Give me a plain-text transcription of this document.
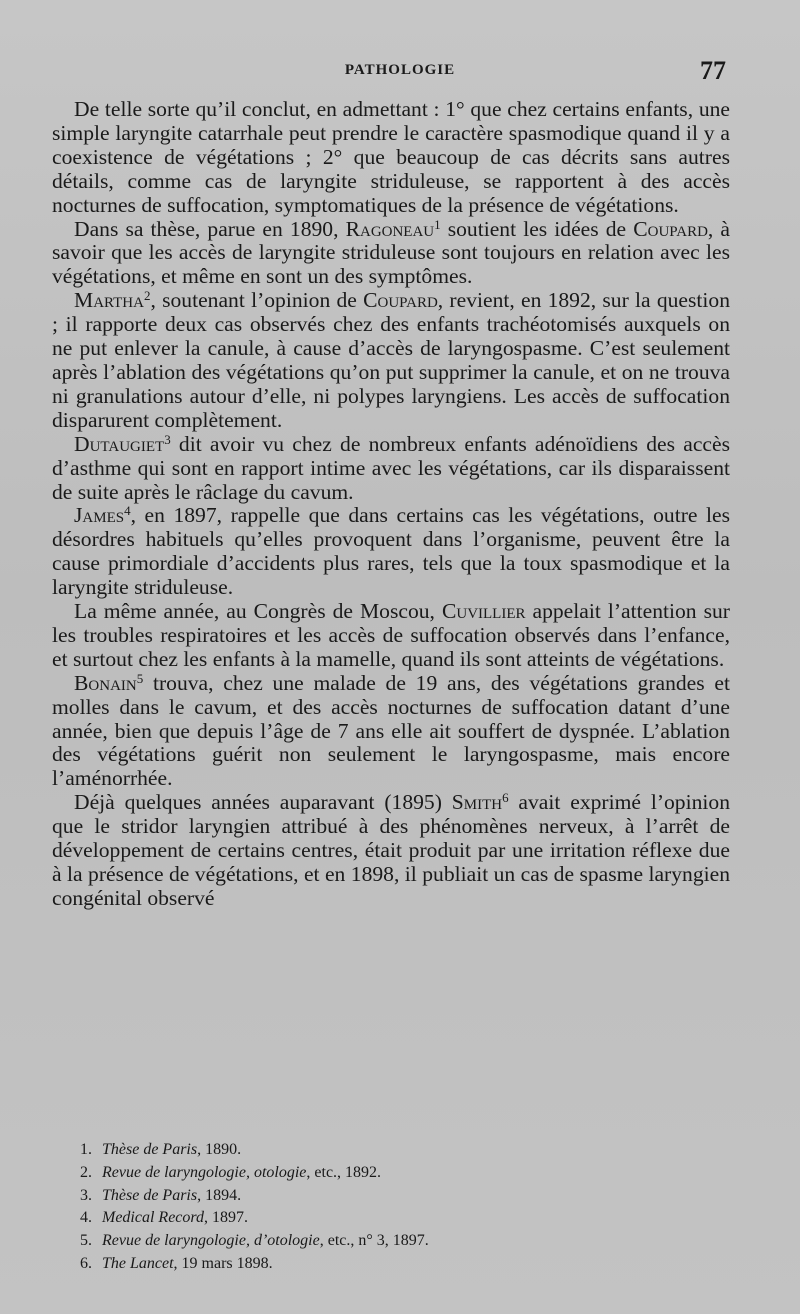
PATHOLOGIE	77

De telle sorte qu’il conclut, en admettant : 1° que chez certains enfants, une simple laryngite catarrhale peut prendre le caractère spasmodique quand il y a coexistence de végétations ; 2° que beaucoup de cas décrits sans autres détails, comme cas de laryngite striduleuse, se rapportent à des accès nocturnes de suffocation, symptomatiques de la présence de végétations.

Dans sa thèse, parue en 1890, Ragoneau$^1$ soutient les idées de Coupard, à savoir que les accès de laryngite striduleuse sont toujours en relation avec les végétations, et même en sont un des symptômes.

Martha$^2$, soutenant l’opinion de Coupard, revient, en 1892, sur la question ; il rapporte deux cas observés chez des enfants trachéotomisés auxquels on ne put enlever la canule, à cause d’accès de laryngospasme. C’est seulement après l’ablation des végétations qu’on put supprimer la canule, et on ne trouva ni granulations autour d’elle, ni polypes laryngiens. Les accès de suffocation disparurent complètement.

Dutaugiet$^3$ dit avoir vu chez de nombreux enfants adénoïdiens des accès d’asthme qui sont en rapport intime avec les végétations, car ils disparaissent de suite après le râclage du cavum.

James$^4$, en 1897, rappelle que dans certains cas les végétations, outre les désordres habituels qu’elles provoquent dans l’organisme, peuvent être la cause primordiale d’accidents plus rares, tels que la toux spasmodique et la laryngite striduleuse.

La même année, au Congrès de Moscou, Cuvillier appelait l’attention sur les troubles respiratoires et les accès de suffocation observés dans l’enfance, et surtout chez les enfants à la mamelle, quand ils sont atteints de végétations.

Bonain$^5$ trouva, chez une malade de 19 ans, des végétations grandes et molles dans le cavum, et des accès nocturnes de suffocation datant d’une année, bien que depuis l’âge de 7 ans elle ait souffert de dyspnée. L’ablation des végétations guérit non seulement le laryngospasme, mais encore l’aménorrhée.

Déjà quelques années auparavant (1895) Smith$^6$ avait exprimé l’opinion que le stridor laryngien attribué à des phénomènes nerveux, à l’arrêt de développement de certains centres, était produit par une irritation réflexe due à la présence de végétations, et en 1898, il publiait un cas de spasme laryngien congénital observé

1. Thèse de Paris, 1890.
2. Revue de laryngologie, otologie, etc., 1892.
3. Thèse de Paris, 1894.
4. Medical Record, 1897.
5. Revue de laryngologie, d’otologie, etc., n° 3, 1897.
6. The Lancet, 19 mars 1898.
